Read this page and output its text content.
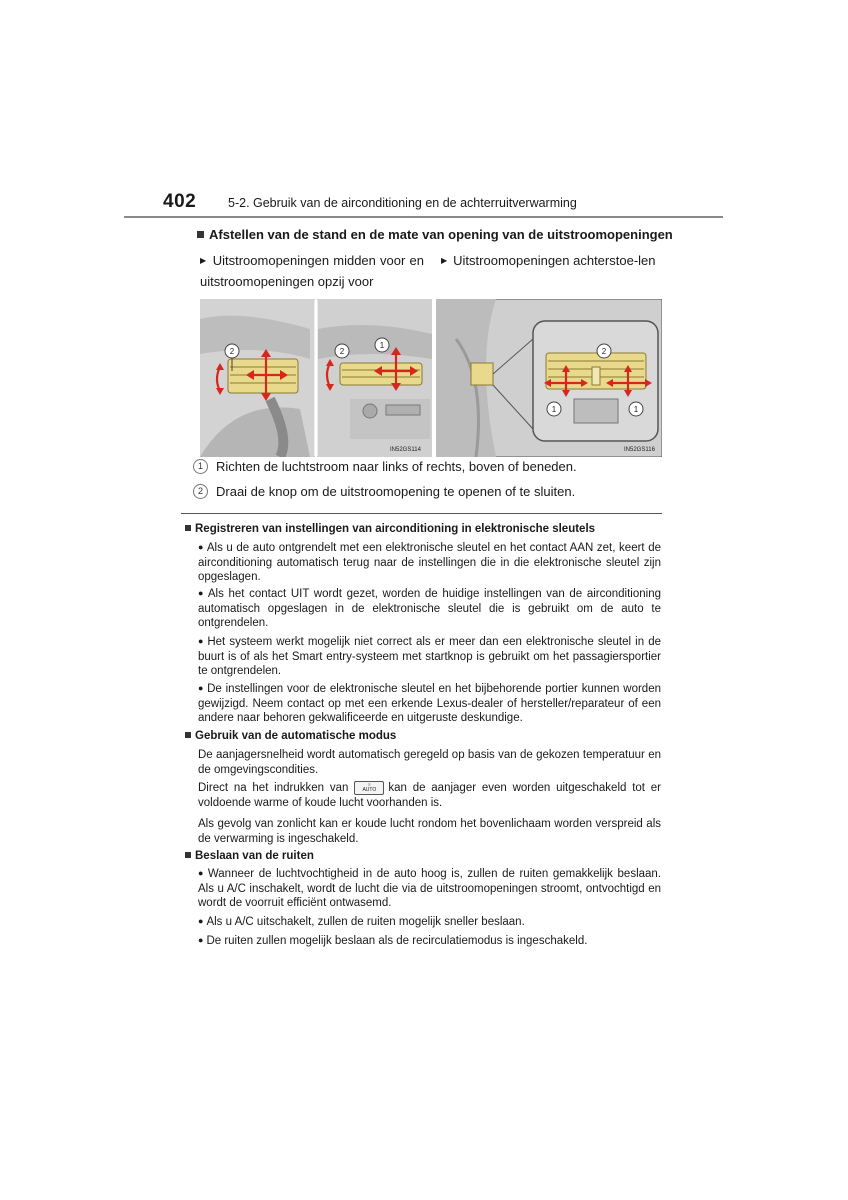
402	5-2. Gebruik van de airconditioning en de achterruitverwarming
Afstellen van de stand en de mate van opening van de uitstroomopeningen
▶ Uitstroomopeningen midden voor en uitstroomopeningen opzij voor
▶ Uitstroomopeningen achterstoe-len
2	2
1
IN52GS114
2
1	1
IN52GS116
1 Richten de luchtstroom naar links of rechts, boven of beneden.
2 Draai de knop om de uitstroomopening te openen of te sluiten.
Registreren van instellingen van airconditioning in elektronische sleutels
● Als u de auto ontgrendelt met een elektronische sleutel en het contact AAN zet, keert de airconditioning automatisch terug naar de instellingen die in die elektronische sleutel zijn opgeslagen.
● Als het contact UIT wordt gezet, worden de huidige instellingen van de airconditioning automatisch opgeslagen in de elektronische sleutel die is gebruikt om de auto te ontgrendelen.
● Het systeem werkt mogelijk niet correct als er meer dan een elektronische sleutel in de buurt is of als het Smart entry-systeem met startknop is gebruikt om het passagiersportier te ontgrendelen.
● De instellingen voor de elektronische sleutel en het bijbehorende portier kunnen worden gewijzigd. Neem contact op met een erkende Lexus-dealer of hersteller/reparateur of een andere naar behoren gekwalificeerde en uitgeruste deskundige.
Gebruik van de automatische modus
De aanjagersnelheid wordt automatisch geregeld op basis van de gekozen temperatuur en de omgevingscondities.
Direct na het indrukken van	≡
AUTO kan de aanjager even worden uitgeschakeld tot er voldoende warme of koude lucht voorhanden is.
Als gevolg van zonlicht kan er koude lucht rondom het bovenlichaam worden verspreid als de verwarming is ingeschakeld.
Beslaan van de ruiten
● Wanneer de luchtvochtigheid in de auto hoog is, zullen de ruiten gemakkelijk beslaan. Als u A/C inschakelt, wordt de lucht die via de uitstroomopeningen stroomt, ontvochtigd en wordt de voorruit efficiënt ontwasemd.
● Als u A/C uitschakelt, zullen de ruiten mogelijk sneller beslaan.
● De ruiten zullen mogelijk beslaan als de recirculatiemodus is ingeschakeld.
